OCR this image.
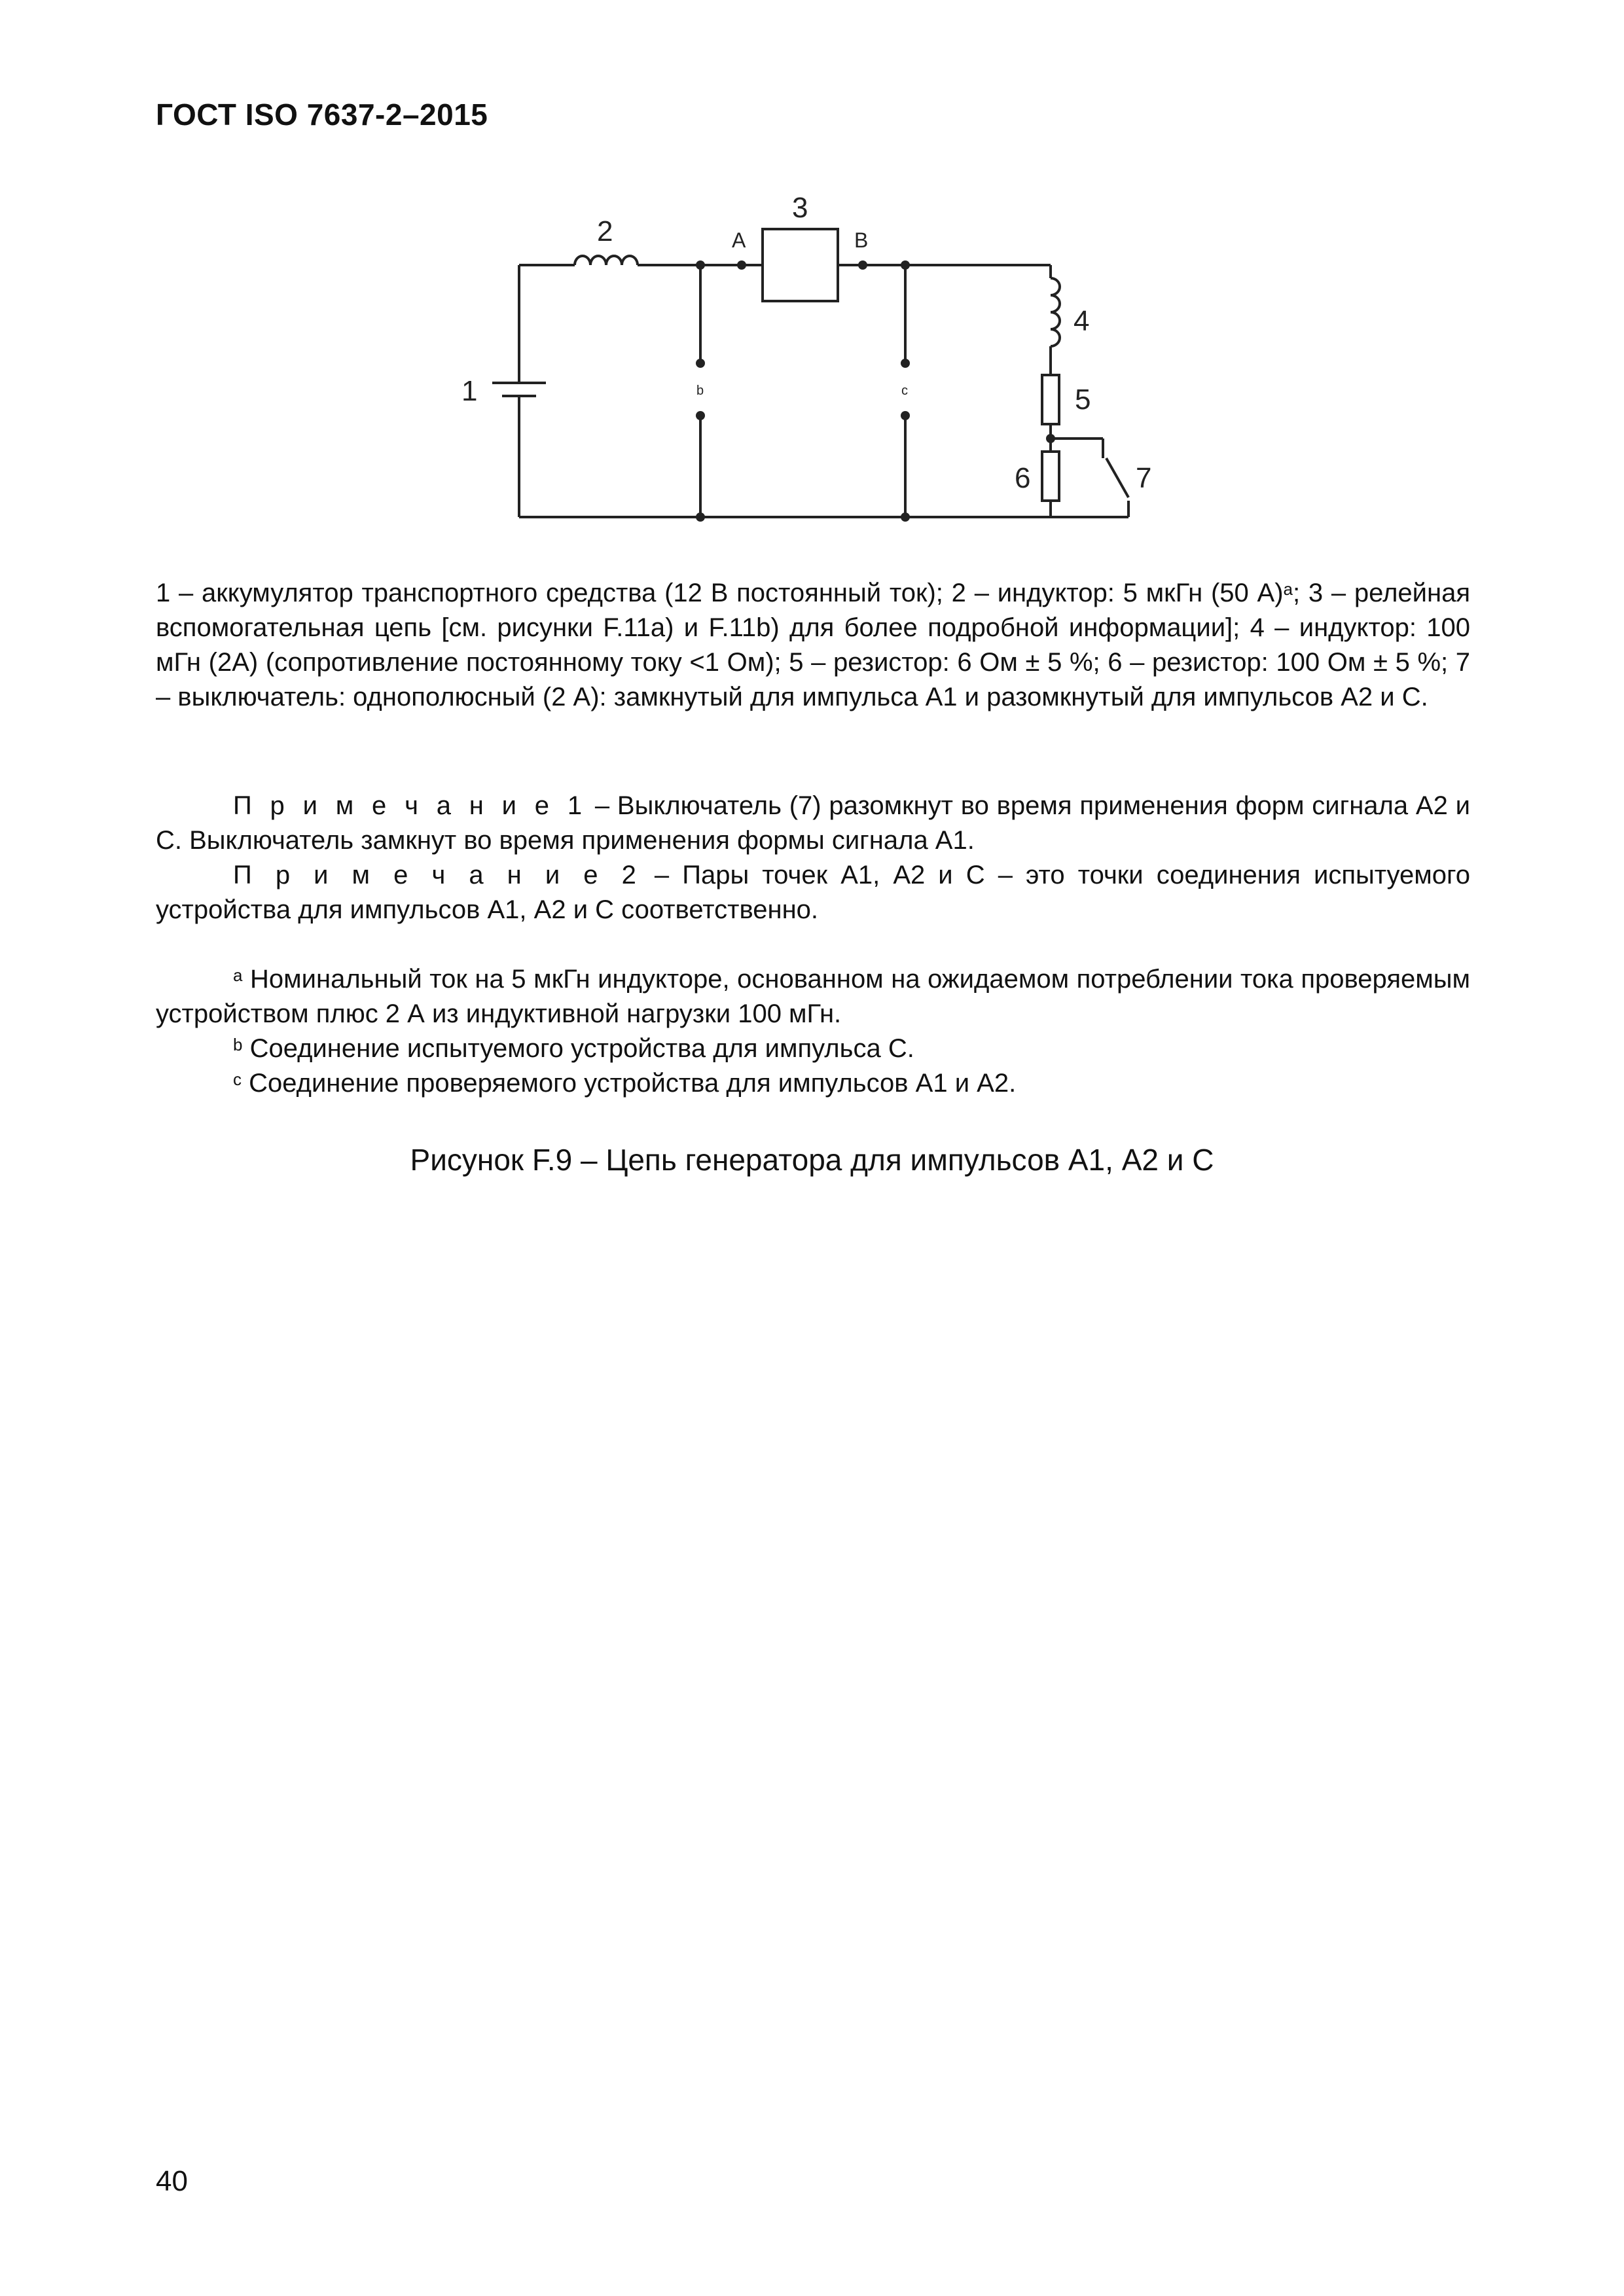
ГОСТ ISO 7637-2–2015
1
2
3
A	B
4
5
6	7
b	c
1 – аккумулятор транспортного средства (12 В постоянный ток); 2 – индуктор: 5 мкГн (50 А)$^a$; 3 – релейная вспомогательная цепь [см. рисунки F.11a) и F.11b) для более подробной информации]; 4 – индуктор: 100 мГн (2А) (сопротивление постоянному току <1 Ом); 5 – резистор: 6 Ом ± 5 %; 6 – резистор: 100 Ом ± 5 %; 7 – выключатель: однополюсный (2 А): замкнутый для импульса А1 и разомкнутый для импульсов А2 и С.

П р и м е ч а н и е 1 – Выключатель (7) разомкнут во время применения форм сигнала А2 и С. Выключатель замкнут во время применения формы сигнала А1.

П р и м е ч а н и е 2 – Пары точек А1, А2 и С – это точки соединения испытуемого устройства для импульсов А1, А2 и С соответственно.

$^a$ Номинальный ток на 5 мкГн индукторе, основанном на ожидаемом потреблении тока проверяемым устройством плюс 2 А из индуктивной нагрузки 100 мГн.

$^b$ Соединение испытуемого устройства для импульса С.

$^c$ Соединение проверяемого устройства для импульсов А1 и А2.

Рисунок F.9 – Цепь генератора для импульсов А1, А2 и С
40
